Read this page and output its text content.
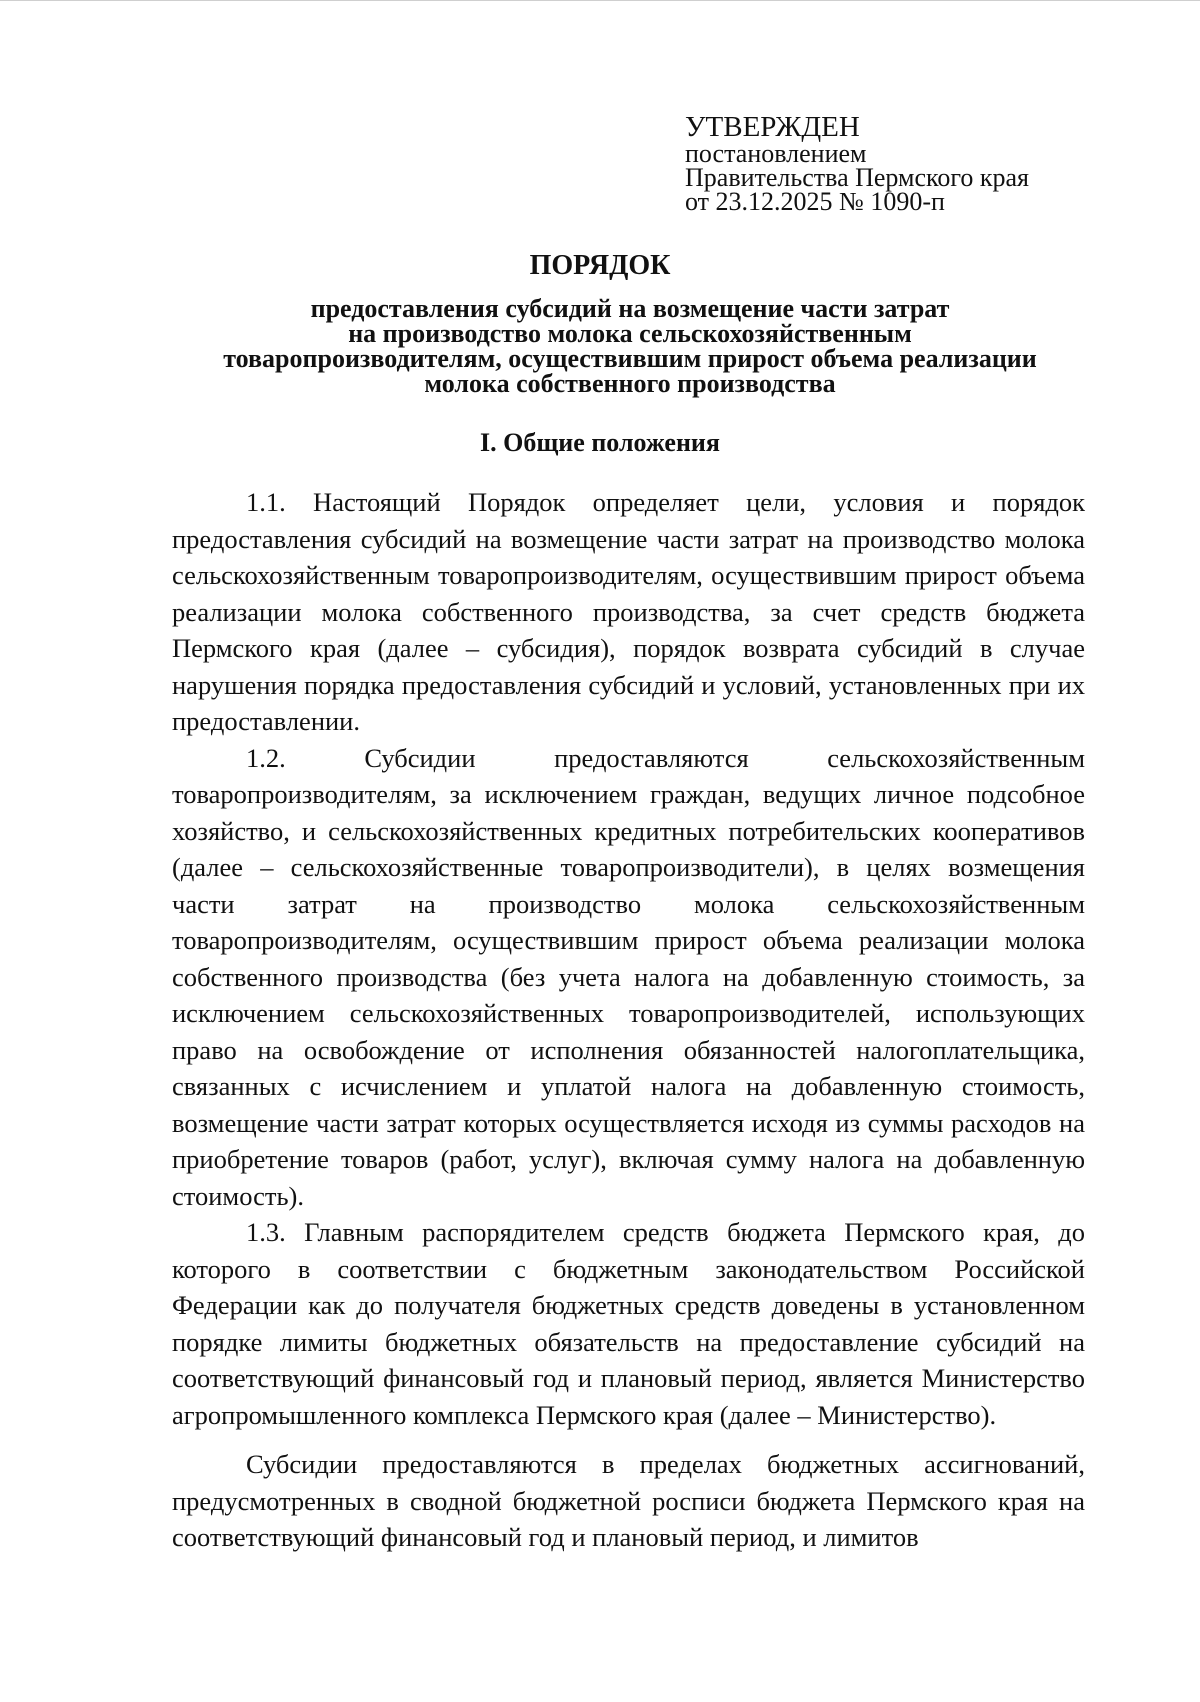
УТВЕРЖДЕН
постановлением
Правительства Пермского края
от 23.12.2025 № 1090-п
ПОРЯДОК
предоставления субсидий на возмещение части затрат
на производство молока сельскохозяйственным
товаропроизводителям, осуществившим прирост объема реализации
молока собственного производства
I. Общие положения

1.1. Настоящий Порядок определяет цели, условия и порядок предоставления субсидий на возмещение части затрат на производство молока сельскохозяйственным товаропроизводителям, осуществившим прирост объема реализации молока собственного производства, за счет средств бюджета Пермского края (далее – субсидия), порядок возврата субсидий в случае нарушения порядка предоставления субсидий и условий, установленных при их предоставлении.

1.2. Субсидии предоставляются сельскохозяйственным товаропроизводителям, за исключением граждан, ведущих личное подсобное хозяйство, и сельскохозяйственных кредитных потребительских кооперативов (далее – сельскохозяйственные товаропроизводители), в целях возмещения части затрат на производство молока сельскохозяйственным товаропроизводителям, осуществившим прирост объема реализации молока собственного производства (без учета налога на добавленную стоимость, за исключением сельскохозяйственных товаропроизводителей, использующих право на освобождение от исполнения обязанностей налогоплательщика, связанных с исчислением и уплатой налога на добавленную стоимость, возмещение части затрат которых осуществляется исходя из суммы расходов на приобретение товаров (работ, услуг), включая сумму налога на добавленную стоимость).

1.3. Главным распорядителем средств бюджета Пермского края, до которого в соответствии с бюджетным законодательством Российской Федерации как до получателя бюджетных средств доведены в установленном порядке лимиты бюджетных обязательств на предоставление субсидий на соответствующий финансовый год и плановый период, является Министерство агропромышленного комплекса Пермского края (далее – Министерство).

Субсидии предоставляются в пределах бюджетных ассигнований, предусмотренных в сводной бюджетной росписи бюджета Пермского края на соответствующий финансовый год и плановый период, и лимитов
